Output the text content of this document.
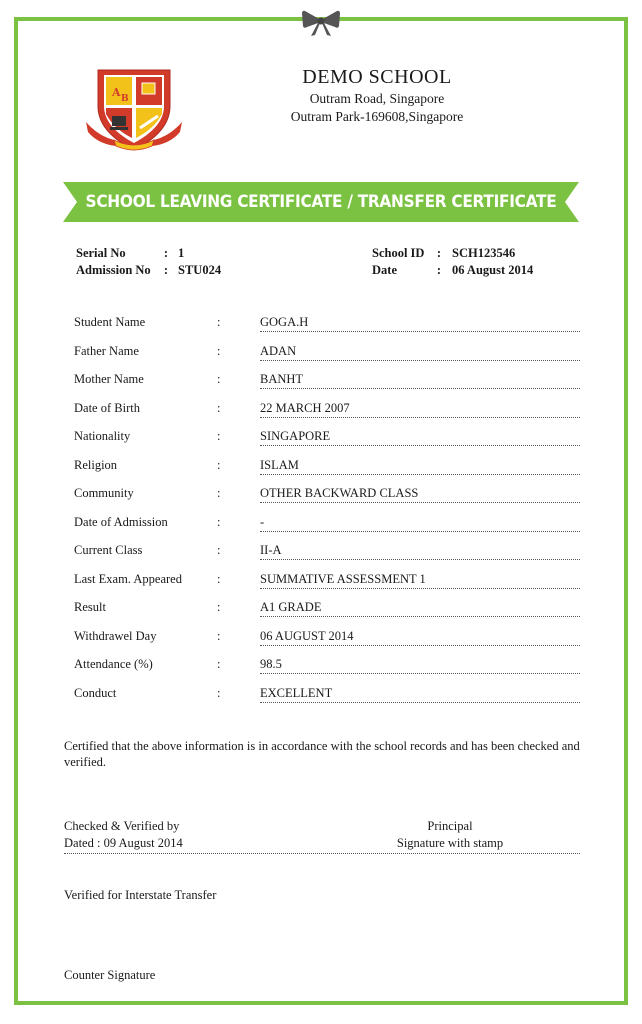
A B
DEMO SCHOOL
Outram Road, Singapore
Outram Park-169608,Singapore
SCHOOL LEAVING CERTIFICATE / TRANSFER CERTIFICATE
Serial No	: 1
Admission No : STU024
School ID : SCH123546
Date	: 06 August 2014
Student Name	:	GOGA.H
Father Name	:	ADAN
Mother Name	:	BANHT
Date of Birth	:	22 MARCH 2007
Nationality	:	SINGAPORE
Religion	:	ISLAM
Community	:	OTHER BACKWARD CLASS
Date of Admission	:	-
Current Class	:	II-A
Last Exam. Appeared	:	SUMMATIVE ASSESSMENT 1
Result	:	A1 GRADE
Withdrawel Day	:	06 AUGUST 2014
Attendance (%)	:	98.5
Conduct	:	EXCELLENT
Certified that the above information is in accordance with the school records and has been checked and verified.
Checked & Verified by
Dated : 09 August 2014
Principal
Signature with stamp
Verified for Interstate Transfer
Counter Signature
